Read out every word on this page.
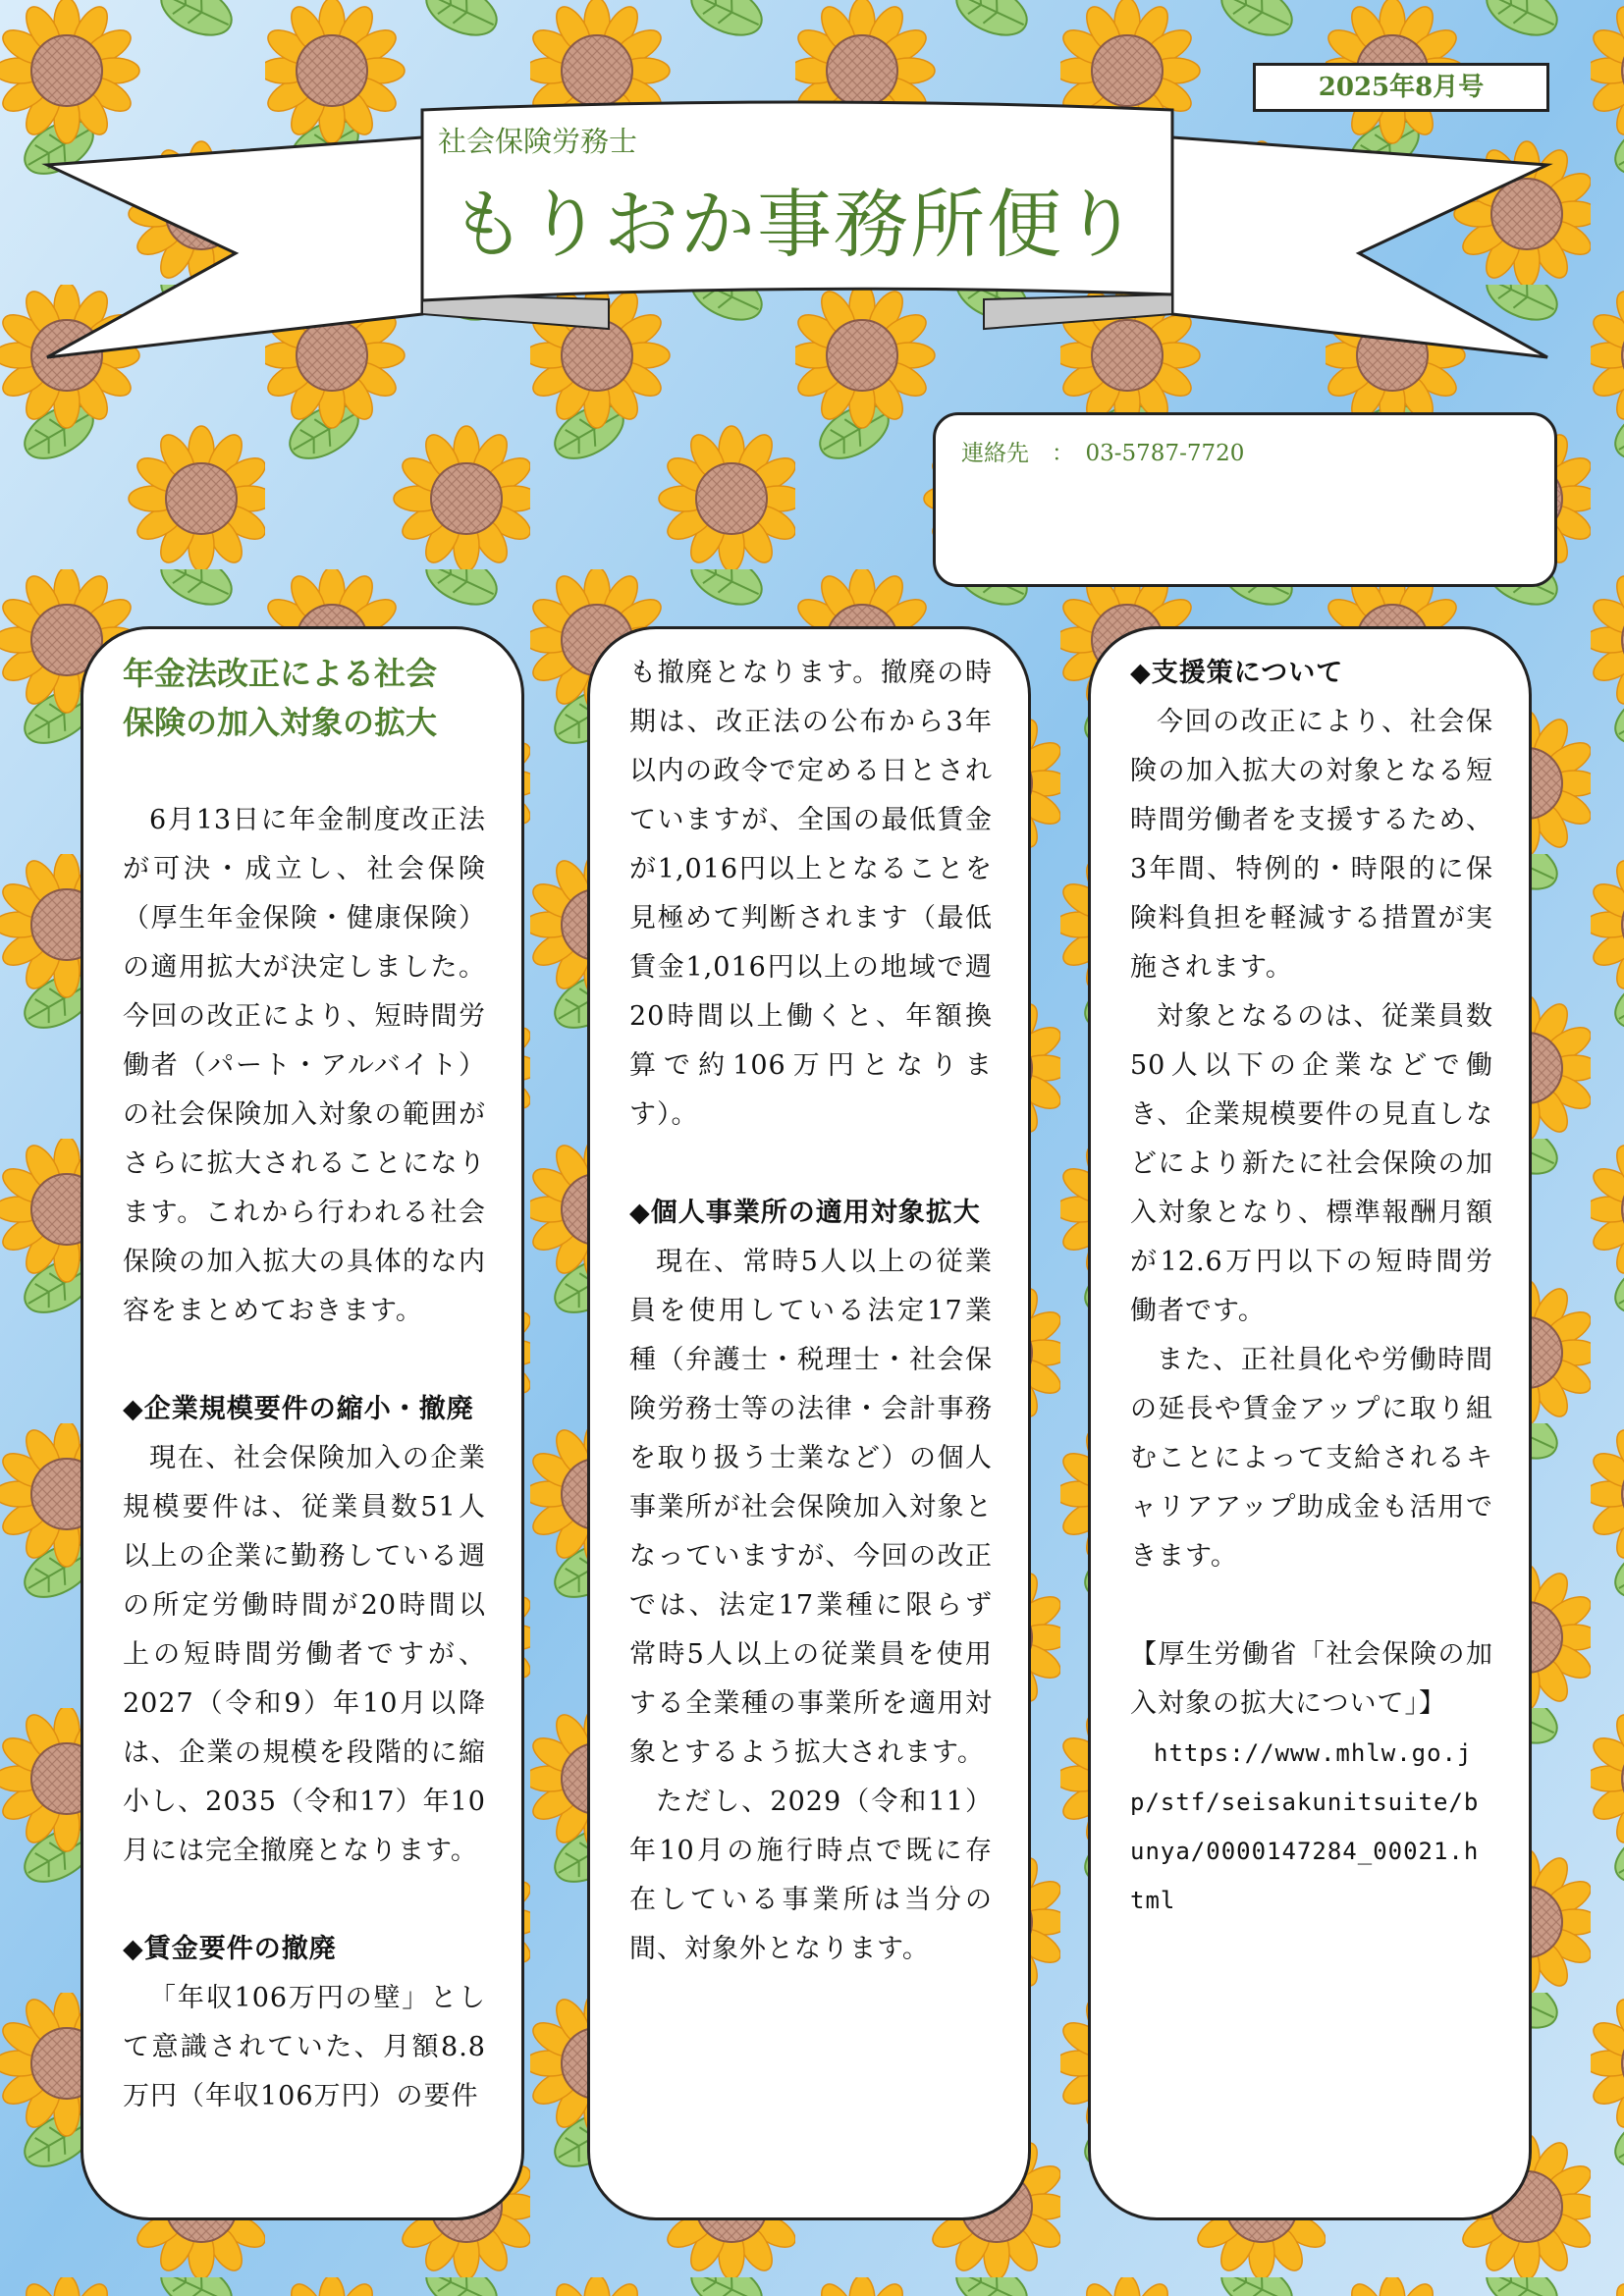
2025年8月号
社会保険労務士
もりおか事務所便り
連絡先　：　03-5787-7720
年金法改正による社会
保険の加入対象の拡大

6月13日に年金制度改正法が可決・成立し、社会保険（厚生年金保険・健康保険）の適用拡大が決定しました。今回の改正により、短時間労働者（パート・アルバイト）の社会保険加入対象の範囲がさらに拡大されることになります。これから行われる社会保険の加入拡大の具体的な内容をまとめておきます。

◆企業規模要件の縮小・撤廃

現在、社会保険加入の企業規模要件は、従業員数51人以上の企業に勤務している週の所定労働時間が20時間以上の短時間労働者ですが、2027（令和9）年10月以降は、企業の規模を段階的に縮小し、2035（令和17）年10月には完全撤廃となります。

◆賃金要件の撤廃

「年収106万円の壁」として意識されていた、月額8.8万円（年収106万円）の要件

も撤廃となります。撤廃の時期は、改正法の公布から3年以内の政令で定める日とされていますが、全国の最低賃金が1,016円以上となることを見極めて判断されます（最低賃金1,016円以上の地域で週20時間以上働くと、年額換算で約106万円となります）。

◆個人事業所の適用対象拡大

現在、常時5人以上の従業員を使用している法定17業種（弁護士・税理士・社会保険労務士等の法律・会計事務を取り扱う士業など）の個人事業所が社会保険加入対象となっていますが、今回の改正では、法定17業種に限らず常時5人以上の従業員を使用する全業種の事業所を適用対象とするよう拡大されます。

ただし、2029（令和11）年10月の施行時点で既に存在している事業所は当分の間、対象外となります。

◆支援策について

今回の改正により、社会保険の加入拡大の対象となる短時間労働者を支援するため、3年間、特例的・時限的に保険料負担を軽減する措置が実施されます。

対象となるのは、従業員数50人以下の企業などで働き、企業規模要件の見直しなどにより新たに社会保険の加入対象となり、標準報酬月額が12.6万円以下の短時間労働者です。

また、正社員化や労働時間の延長や賃金アップに取り組むことによって支給されるキャリアアップ助成金も活用できます。

【厚生労働省「社会保険の加入対象の拡大について」】

https://www.mhlw.go.jp/stf/seisakunitsuite/bunya/0000147284_00021.html
